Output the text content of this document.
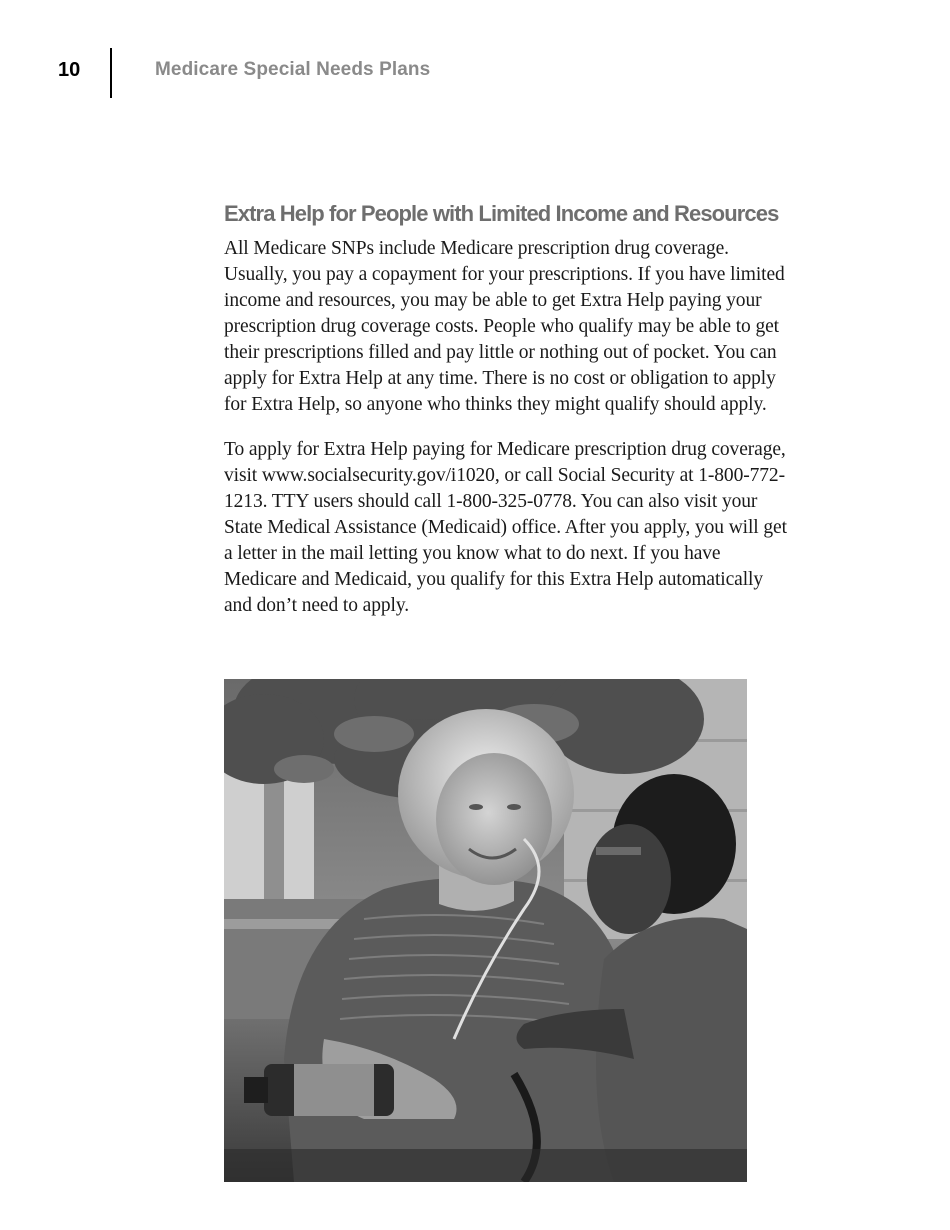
10	Medicare Special Needs Plans
Extra Help for People with Limited Income and Resources

All Medicare SNPs include Medicare prescription drug coverage. Usually, you pay a copayment for your prescriptions. If you have limited income and resources, you may be able to get Extra Help paying your prescription drug coverage costs. People who qualify may be able to get their prescriptions filled and pay little or nothing out of pocket. You can apply for Extra Help at any time. There is no cost or obligation to apply for Extra Help, so anyone who thinks they might qualify should apply.

To apply for Extra Help paying for Medicare prescription drug coverage, visit www.socialsecurity.gov/i1020, or call Social Security at 1-800-772-1213. TTY users should call 1-800-325-0778. You can also visit your State Medical Assistance (Medicaid) office. After you apply, you will get a letter in the mail letting you know what to do next. If you have Medicare and Medicaid, you qualify for this Extra Help automatically and don’t need to apply.
